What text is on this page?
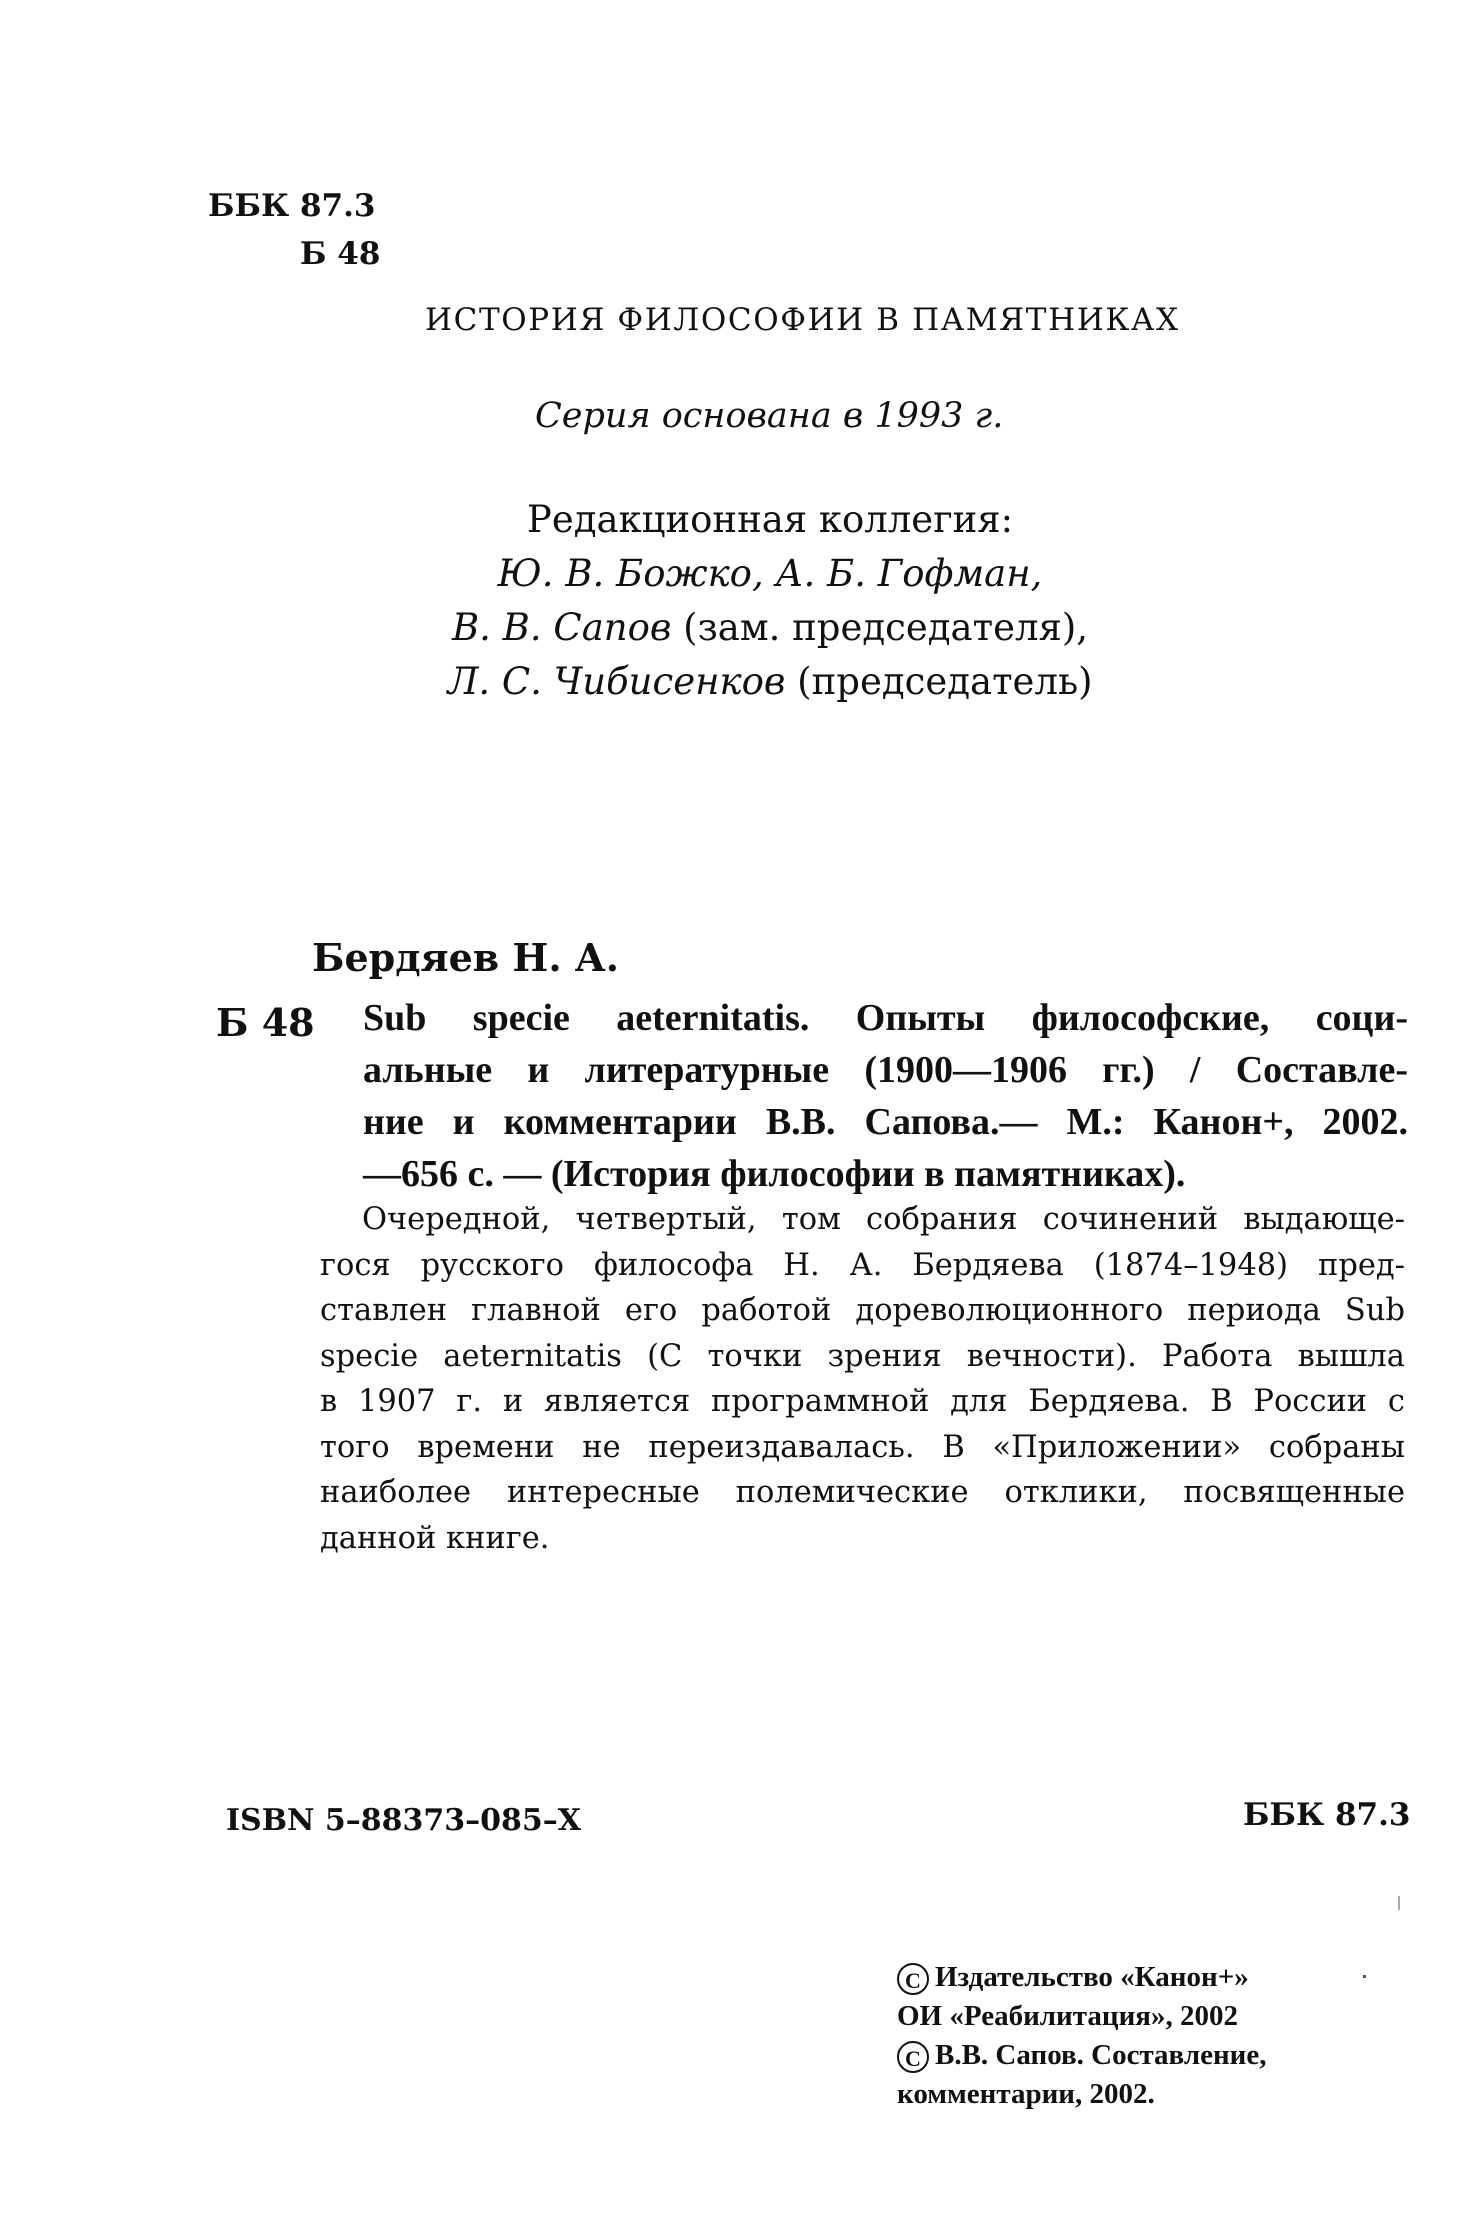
ББК 87.3
Б 48
ИСТОРИЯ ФИЛОСОФИИ В ПАМЯТНИКАХ
Серия основана в 1993 г.
Редакционная коллегия:
Ю. В. Божко, А. Б. Гофман,
В. В. Сапов (зам. председателя),
Л. С. Чибисенков (председатель)
Бердяев Н. А.
Б 48 Sub specie aeternitatis. Опыты философские, соци-
альные и литературные (1900—1906 гг.) / Составле-
ние и комментарии В.В. Сапова.— М.: Канон+, 2002.
—656 с. — (История философии в памятниках).
Очередной, четвертый, том собрания сочинений выдающе-
гося русского философа Н. А. Бердяева (1874–1948) пред-
ставлен главной его работой дореволюционного периода Sub
specie aeternitatis (С точки зрения вечности). Работа вышла
в 1907 г. и является программной для Бердяева. В России с
того времени не переиздавалась. В «Приложении» собраны
наиболее интересные полемические отклики, посвященные
данной книге.
ISBN 5–88373–085–X	ББК 87.3
C Издательство «Канон+»
ОИ «Реабилитация», 2002
C В.В. Сапов. Составление,
комментарии, 2002.
